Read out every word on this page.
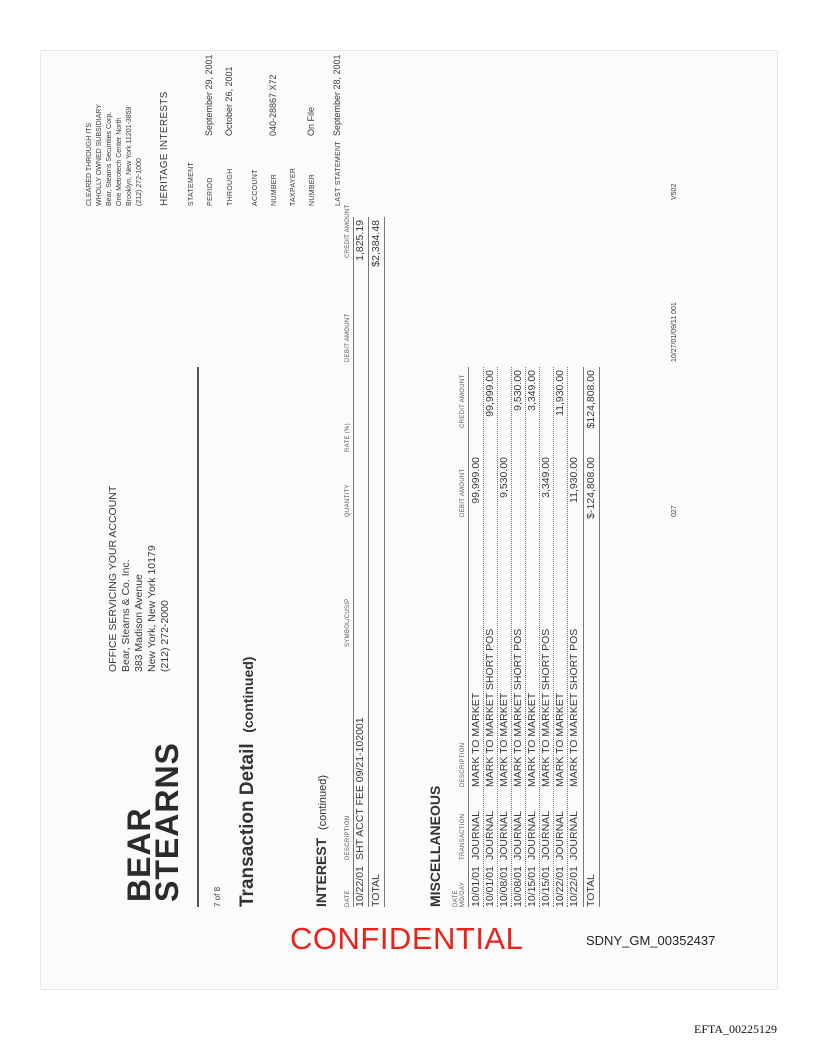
BEAR
STEARNS
OFFICE SERVICING YOUR ACCOUNT Bear, Stearns & Co. Inc. 383 Madison Avenue New York, New York 10179 (212) 272-2000
CLEARED THROUGH ITS WHOLLY OWNED SUBSIDIARY Bear, Stearns Securities Corp. One Metrotech Center North Brooklyn, New York 11201-3859 (212) 272-1000 HERITAGE INTERESTS	STATEMENT PERIODSeptember 29, 2001
THROUGHOctober 26, 2001
ACCOUNT NUMBER040-28867 X72
TAXPAYER NUMBEROn File
LAST STATEMENTSeptember 28, 2001
7 of 8 Transaction Detail  (continued)
INTEREST  (continued)
DATE
DESCRIPTION
SYMBOL/CUSIP
QUANTITY
RATE (%)
DEBIT AMOUNT
CREDIT AMOUNT
10/22/01
SHT ACCT FEE 09/21-102001
1,825.19
TOTAL
$2,384.48
MISCELLANEOUS DATE MO/DAY
TRANSACTION
DESCRIPTION
DEBIT AMOUNT
CREDIT AMOUNT
10/01/01
JOURNAL
MARK TO MARKET
99,999.00
10/01/01
JOURNAL
MARK TO MARKET SHORT POS
99,999.00
10/08/01
JOURNAL
MARK TO MARKET
9,530.00
10/08/01
JOURNAL
MARK TO MARKET SHORT POS
9,530.00
10/15/01
JOURNAL
MARK TO MARKET
3,349.00
10/15/01
JOURNAL
MARK TO MARKET SHORT POS
3,349.00
10/22/01
JOURNAL
MARK TO MARKET
11,930.00
10/22/01
JOURNAL
MARK TO MARKET SHORT POS
11,930.00
TOTAL
$-124,808.00
$124,808.00
027
10/27/01/09/11 001
V502
CONFIDENTIAL	SDNY_GM_00352437
EFTA_00225129
